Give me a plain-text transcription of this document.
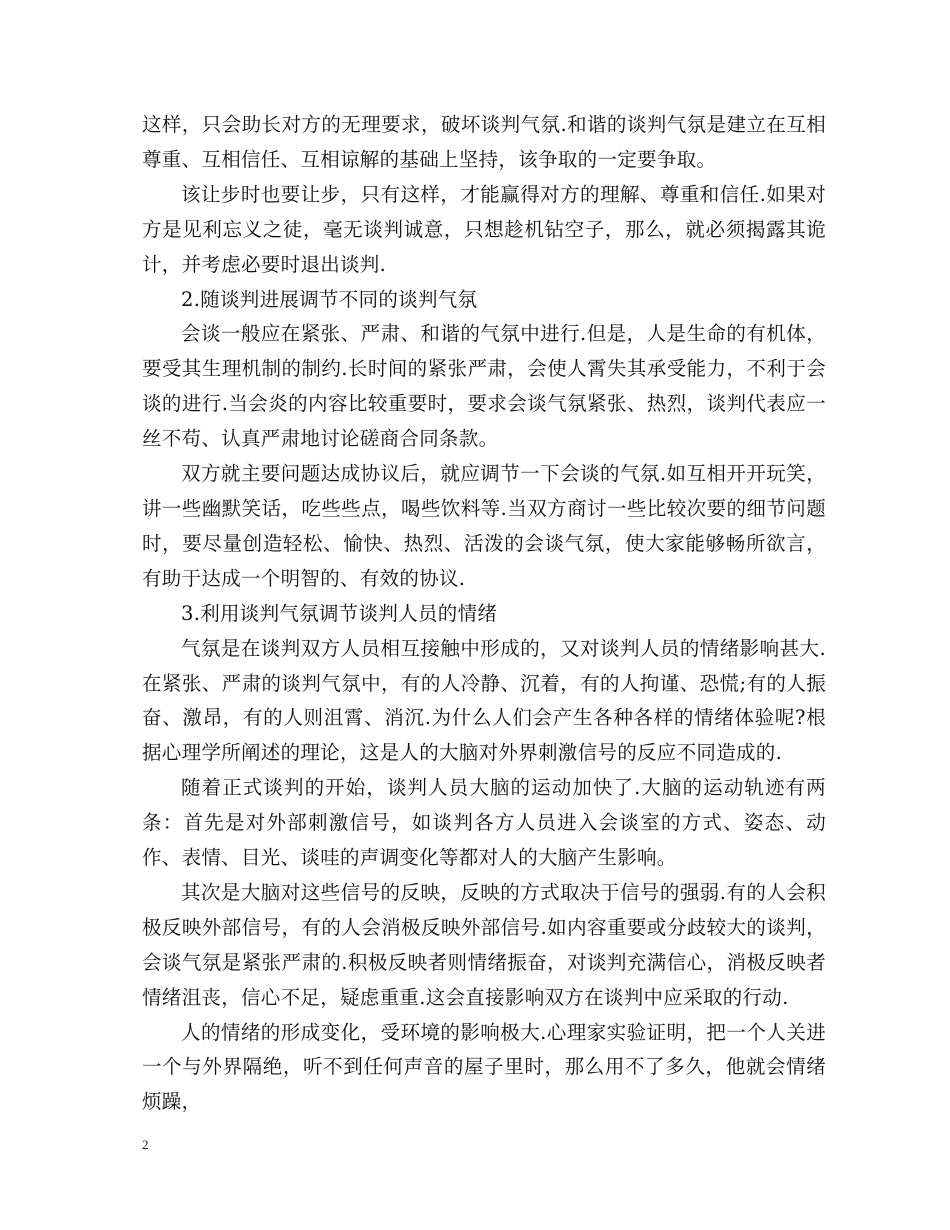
这样，只会助长对方的无理要求，破坏谈判气氛.和谐的谈判气氛是建立在互相尊重、互相信任、互相谅解的基础上坚持，该争取的一定要争取。

该让步时也要让步，只有这样，才能赢得对方的理解、尊重和信任.如果对方是见利忘义之徒，毫无谈判诚意，只想趁机钻空子，那么，就必须揭露其诡计，并考虑必要时退出谈判.

2.随谈判进展调节不同的谈判气氛

会谈一般应在紧张、严肃、和谐的气氛中进行.但是，人是生命的有机体，要受其生理机制的制约.长时间的紧张严肃，会使人霄失其承受能力，不利于会谈的进行.当会炎的内容比较重要时，要求会谈气氛紧张、热烈，谈判代表应一丝不苟、认真严肃地讨论磋商合同条款。

双方就主要问题达成协议后，就应调节一下会谈的气氛.如互相开开玩笑，讲一些幽默笑话，吃些些点，喝些饮料等.当双方商讨一些比较次要的细节问题时，要尽量创造轻松、愉快、热烈、活泼的会谈气氛，使大家能够畅所欲言，有助于达成一个明智的、有效的协议.

3.利用谈判气氛调节谈判人员的情绪

气氛是在谈判双方人员相互接触中形成的，又对谈判人员的情绪影响甚大.在紧张、严肃的谈判气氛中，有的人冷静、沉着，有的人拘谨、恐慌;有的人振奋、激昂，有的人则沮霄、消沉.为什么人们会产生各种各样的情绪体验呢?根据心理学所阐述的理论，这是人的大脑对外界刺激信号的反应不同造成的.

随着正式谈判的开始，谈判人员大脑的运动加快了.大脑的运动轨迹有两条：首先是对外部刺激信号，如谈判各方人员进入会谈室的方式、姿态、动作、表情、目光、谈哇的声调变化等都对人的大脑产生影响。

其次是大脑对这些信号的反映，反映的方式取决于信号的强弱.有的人会积极反映外部信号，有的人会消极反映外部信号.如内容重要或分歧较大的谈判，会谈气氛是紧张严肃的.积极反映者则情绪振奋，对谈判充满信心，消极反映者情绪沮丧，信心不足，疑虑重重.这会直接影响双方在谈判中应采取的行动.

人的情绪的形成变化，受环境的影响极大.心理家实验证明，把一个人关进一个与外界隔绝，听不到任何声音的屋子里时，那么用不了多久，他就会情绪烦躁，

2
